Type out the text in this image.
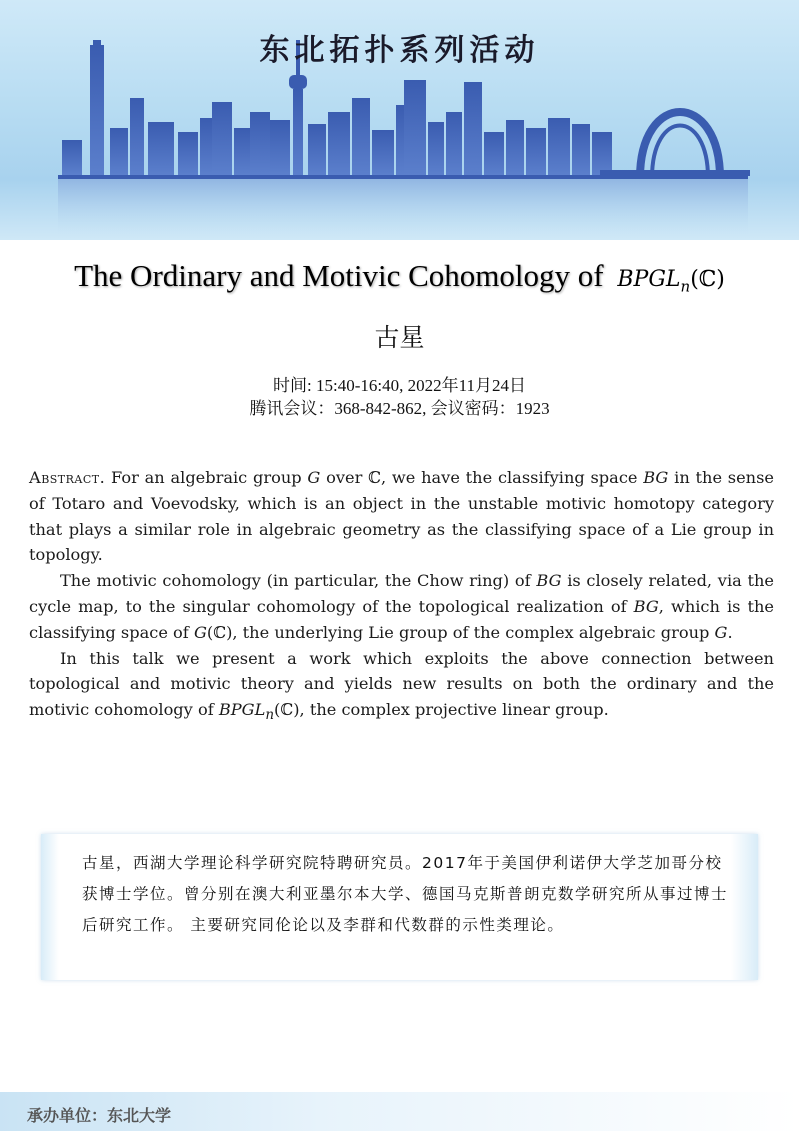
东北拓扑系列活动
The Ordinary and Motivic Cohomology of $BPGL_n(ℂ)$
古星
时间: 15:40-16:40, 2022年11月24日
腾讯会议：368-842-862, 会议密码：1923

Abstract. For an algebraic group G over ℂ, we have the classifying space BG in the sense of Totaro and Voevodsky, which is an object in the unstable motivic homotopy category that plays a similar role in algebraic geometry as the classifying space of a Lie group in topology.

The motivic cohomology (in particular, the Chow ring) of BG is closely related, via the cycle map, to the singular cohomology of the topological realization of BG, which is the classifying space of G(ℂ), the underlying Lie group of the complex algebraic group G.

In this talk we present a work which exploits the above connection between topological and motivic theory and yields new results on both the ordinary and the motivic cohomology of $BPGL_n(ℂ)$, the complex projective linear group.

古星，西湖大学理论科学研究院特聘研究员。2017年于美国伊利诺伊大学芝加哥分校获博士学位。曾分别在澳大利亚墨尔本大学、德国马克斯普朗克数学研究所从事过博士后研究工作。 主要研究同伦论以及李群和代数群的示性类理论。
承办单位：东北大学
